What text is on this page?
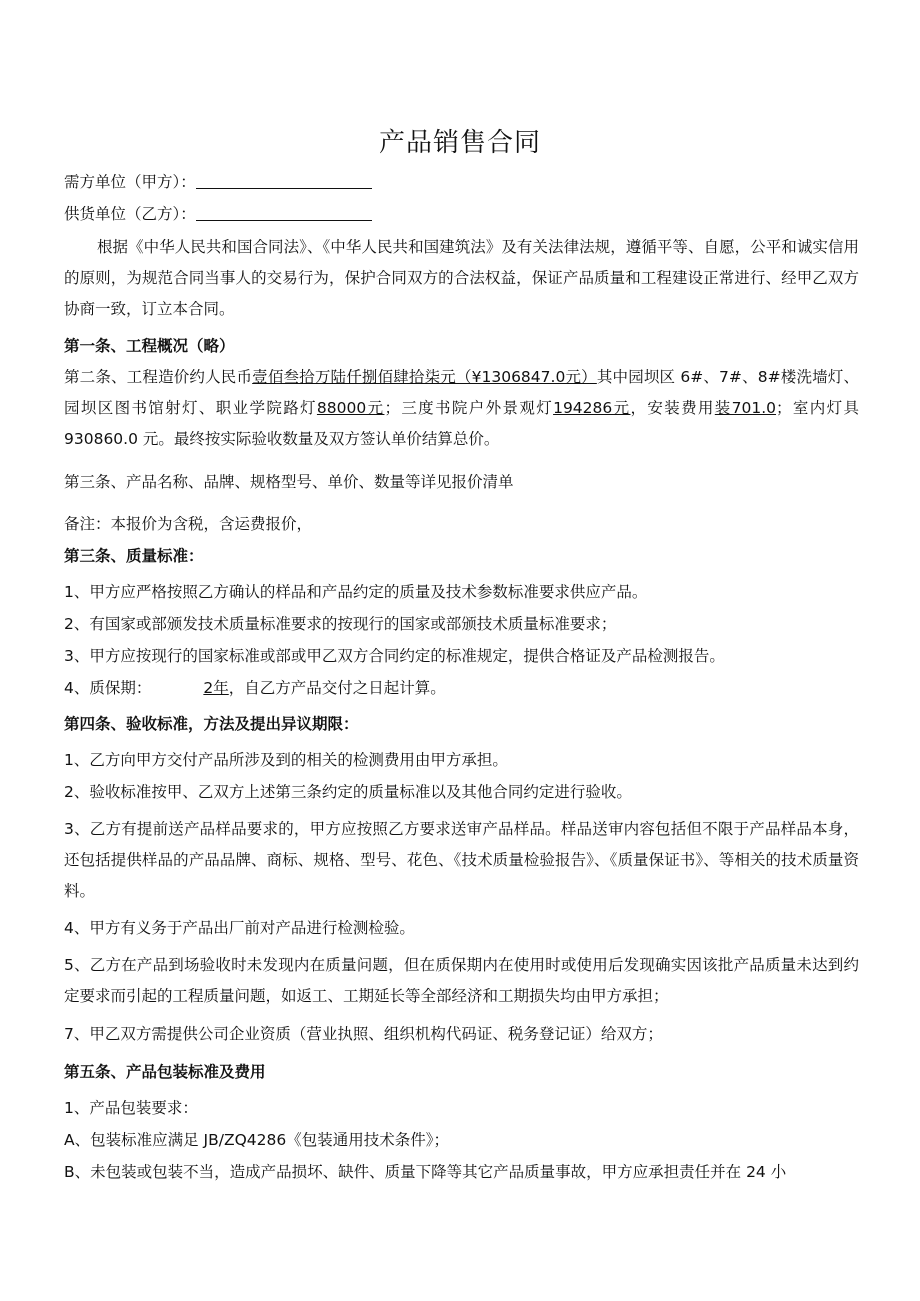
产品销售合同
需方单位（甲方）：
供货单位（乙方）：
根据《中华人民共和国合同法》、《中华人民共和国建筑法》及有关法律法规，遵循平等、自愿，公平和诚实信用的原则，为规范合同当事人的交易行为，保护合同双方的合法权益，保证产品质量和工程建设正常进行、经甲乙双方协商一致，订立本合同。
第一条、工程概况（略）
第二条、工程造价约人民币壹佰叁拾万陆仟捌佰肆拾柒元（¥1306847.0元）其中园坝区 6#、7#、8#楼洗墙灯、园坝区图书馆射灯、职业学院路灯88000元；三度书院户外景观灯194286元，安装费用装701.0；室内灯具 930860.0 元。最终按实际验收数量及双方签认单价结算总价。
第三条、产品名称、品牌、规格型号、单价、数量等详见报价清单
备注：本报价为含税，含运费报价，
第三条、质量标准：
1、甲方应严格按照乙方确认的样品和产品约定的质量及技术参数标准要求供应产品。
2、有国家或部颁发技术质量标准要求的按现行的国家或部颁技术质量标准要求；
3、甲方应按现行的国家标准或部或甲乙双方合同约定的标准规定，提供合格证及产品检测报告。
4、质保期：	2年，自乙方产品交付之日起计算。
第四条、验收标准，方法及提出异议期限：
1、乙方向甲方交付产品所涉及到的相关的检测费用由甲方承担。
2、验收标准按甲、乙双方上述第三条约定的质量标准以及其他合同约定进行验收。
3、乙方有提前送产品样品要求的，甲方应按照乙方要求送审产品样品。样品送审内容包括但不限于产品样品本身，还包括提供样品的产品品牌、商标、规格、型号、花色、《技术质量检验报告》、《质量保证书》、等相关的技术质量资料。
4、甲方有义务于产品出厂前对产品进行检测检验。
5、乙方在产品到场验收时未发现内在质量问题，但在质保期内在使用时或使用后发现确实因该批产品质量未达到约定要求而引起的工程质量问题，如返工、工期延长等全部经济和工期损失均由甲方承担；
7、甲乙双方需提供公司企业资质（营业执照、组织机构代码证、税务登记证）给双方；
第五条、产品包装标准及费用
1、产品包装要求：
A、包装标准应满足 JB/ZQ4286《包装通用技术条件》；
B、未包装或包装不当，造成产品损坏、缺件、质量下降等其它产品质量事故，甲方应承担责任并在 24 小
